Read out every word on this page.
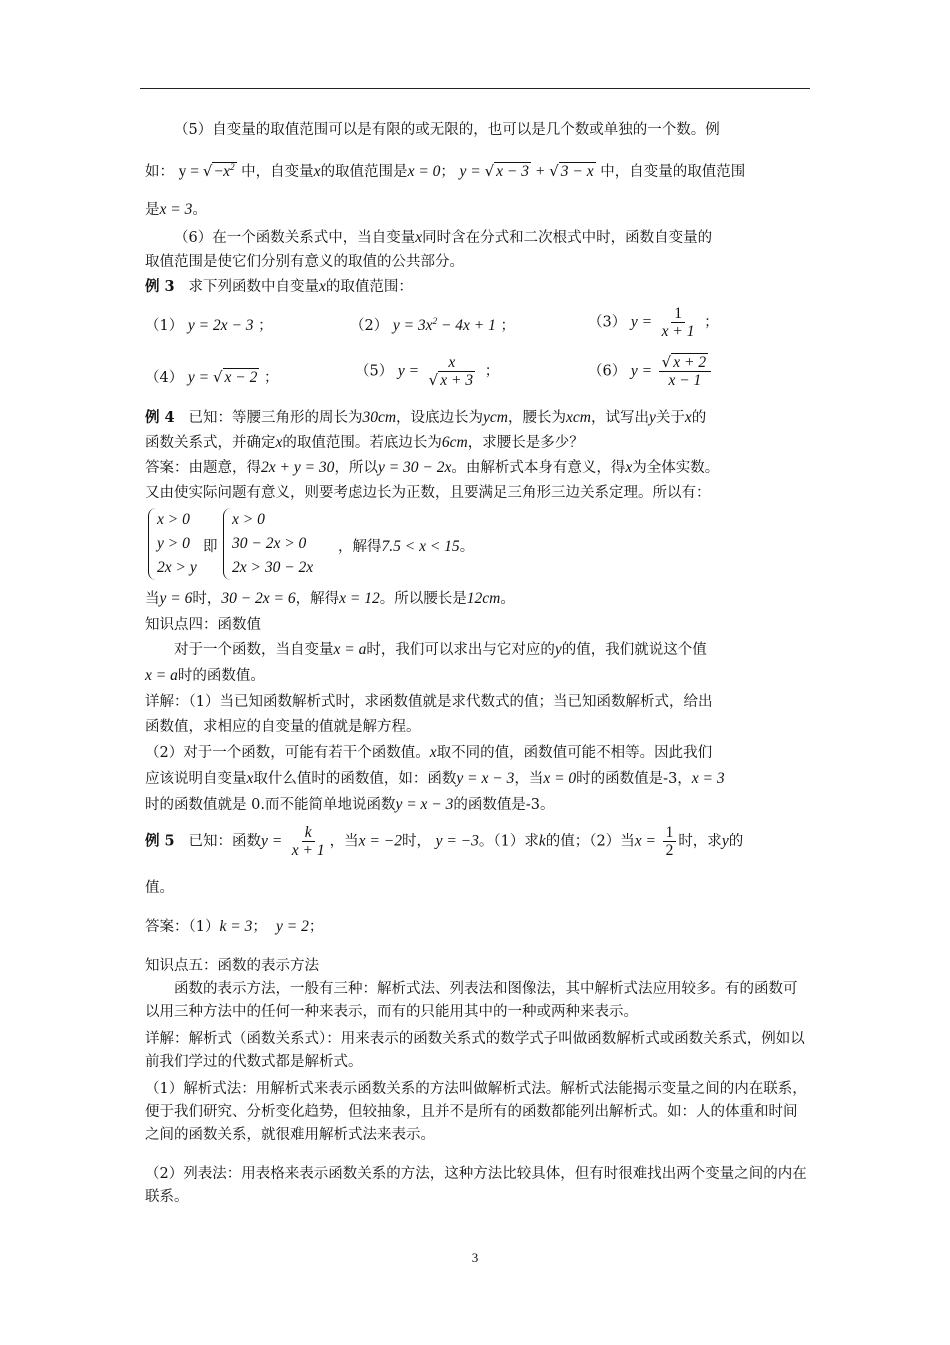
（5）自变量的取值范围可以是有限的或无限的，也可以是几个数或单独的一个数。例
如： y = √ $-x^2$ 中，自变量x的取值范围是x = 0； y = √ x − 3 + √ 3 − x 中，自变量的取值范围
是x = 3。
（6）在一个函数关系式中，当自变量x同时含在分式和二次根式中时，函数自变量的
取值范围是使它们分别有意义的取值的公共部分。
例 3 求下列函数中自变量x的取值范围：
（1） y = 2x − 3 ；	（2） $y = 3x^2 - 4x + 1$ ；	（3） $y = \frac{1}{x + 1}$ ；
（4） y = √ x − 2 ；	（5） $y = \frac{x}{√ x + 3}$ ；	（6） $y = \frac{√ x + 2}{x - 1}$
例 4 已知：等腰三角形的周长为30cm，设底边长为ycm，腰长为xcm，试写出y关于x的
函数关系式，并确定x的取值范围。若底边长为6cm，求腰长是多少？
答案：由题意，得2x + y = 30，所以y = 30 − 2x。由解析式本身有意义，得x为全体实数。
又由使实际问题有意义，则要考虑边长为正数，且要满足三角形三边关系定理。所以有：
x > 0
y > 0
2x > y
即
x > 0
30 − 2x > 0
2x > 30 − 2x
，解得7.5 < x < 15。
当y = 6时，30 − 2x = 6，解得x = 12。所以腰长是12cm。
知识点四：函数值
对于一个函数，当自变量x = a时，我们可以求出与它对应的y的值，我们就说这个值
x = a时的函数值。
详解：（1）当已知函数解析式时，求函数值就是求代数式的值；当已知函数解析式，给出
函数值，求相应的自变量的值就是解方程。
（2）对于一个函数，可能有若干个函数值。x取不同的值，函数值可能不相等。因此我们
应该说明自变量x取什么值时的函数值，如：函数y = x − 3，当x = 0时的函数值是-3，x = 3
时的函数值就是 0.而不能简单地说函数y = x − 3的函数值是-3。
例 5 已知：函数$y = \frac{k}{x + 1}$ ，当x = −2时， y = −3。（1）求k的值；（2）当$x = \frac{1}{2}$ 时，求y的
值。
答案：（1）k = 3； y = 2；
知识点五：函数的表示方法
函数的表示方法，一般有三种：解析式法、列表法和图像法，其中解析式法应用较多。有的函数可以用三种方法中的任何一种来表示，而有的只能用其中的一种或两种来表示。
详解：解析式（函数关系式）：用来表示的函数关系式的数学式子叫做函数解析式或函数关系式，例如以前我们学过的代数式都是解析式。
（1）解析式法：用解析式来表示函数关系的方法叫做解析式法。解析式法能揭示变量之间的内在联系，便于我们研究、分析变化趋势，但较抽象，且并不是所有的函数都能列出解析式。如：人的体重和时间之间的函数关系，就很难用解析式法来表示。
（2）列表法：用表格来表示函数关系的方法，这种方法比较具体，但有时很难找出两个变量之间的内在联系。
3
